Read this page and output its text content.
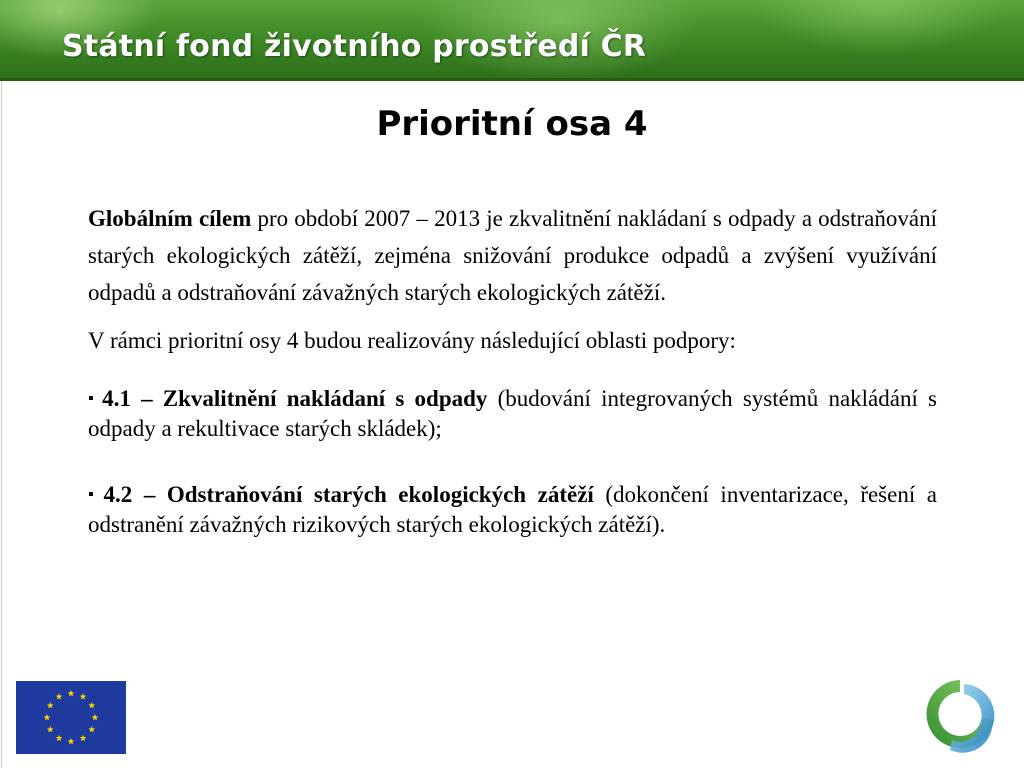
Státní fond životního prostředí ČR
Prioritní osa 4

Globálním cílem pro období 2007 – 2013 je zkvalitnění nakládaní s odpady a odstraňování starých ekologických zátěží, zejména snižování produkce odpadů a zvýšení využívání odpadů a odstraňování závažných starých ekologických zátěží.

V rámci prioritní osy 4 budou realizovány následující oblasti podpory:

▪ 4.1 – Zkvalitnění nakládaní s odpady (budování integrovaných systémů nakládání s odpady a rekultivace starých skládek);

▪ 4.2 – Odstraňování starých ekologických zátěží (dokončení inventarizace, řešení a odstranění závažných rizikových starých ekologických zátěží).
